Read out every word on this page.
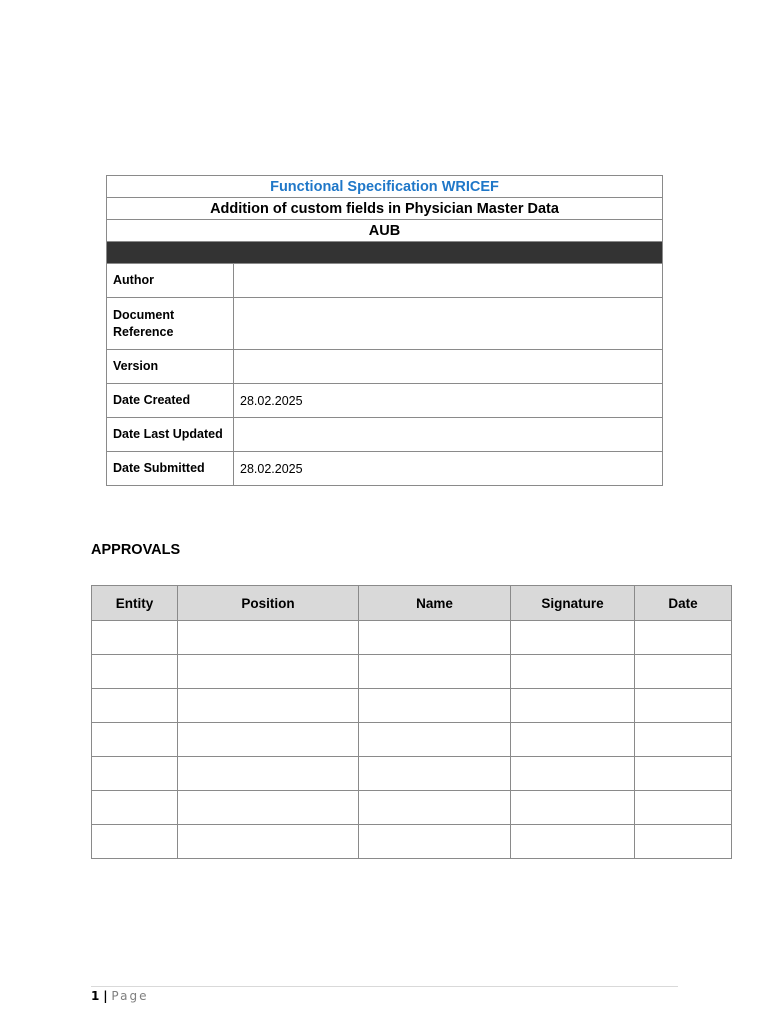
Functional Specification WRICEF	
Addition of custom fields in Physician Master Data	
AUB	

Author	
Document Reference	
Version	
Date Created	28.02.2025
Date Last Updated	
Date Submitted	28.02.2025
APPROVALS
Entity	Position	Name	Signature	Date

1 | Page
